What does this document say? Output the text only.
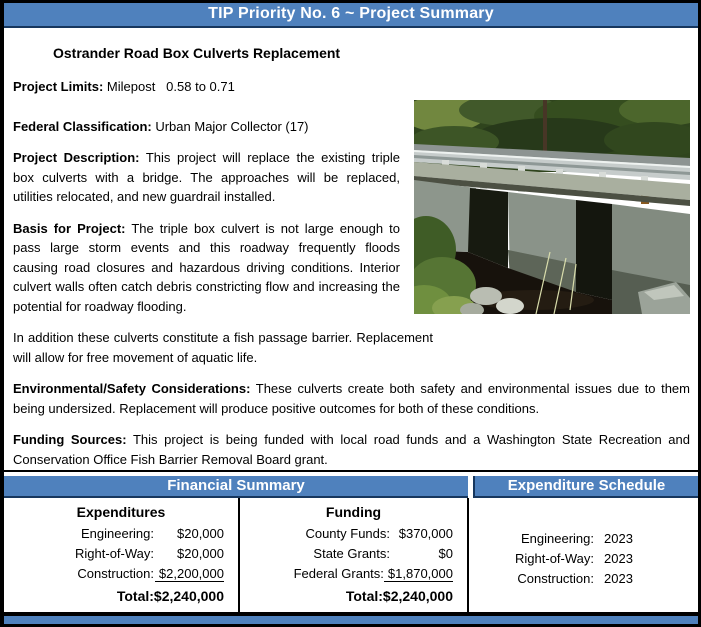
TIP Priority No. 6 ~ Project Summary
Ostrander Road Box Culverts Replacement
Project Limits: Milepost   0.58 to 0.71
Federal Classification: Urban Major Collector (17)

Project Description: This project will replace the existing triple box culverts with a bridge. The approaches will be replaced, utilities relocated, and new guardrail installed.

Basis for Project: The triple box culvert is not large enough to pass large storm events and this roadway frequently floods causing road closures and hazardous driving conditions. Interior culvert walls often catch debris constricting flow and increasing the potential for roadway flooding.

In addition these culverts constitute a fish passage barrier. Replacement will allow for free movement of aquatic life.

Environmental/Safety Considerations: These culverts create both safety and environmental issues due to them being undersized. Replacement will produce positive outcomes for both of these conditions.

Funding Sources: This project is being funded with local road funds and a Washington State Recreation and Conservation Office Fish Barrier Removal Board grant.

Financial Summary	Expenditure Schedule
Expenditures
Engineering:	$20,000
Right-of-Way:	$20,000
Construction: $2,200,000
Total: $2,240,000
Funding
County Funds: $370,000
State Grants:	$0
Federal Grants: $1,870,000
Total: $2,240,000
Engineering: 2023
Right-of-Way: 2023
Construction: 2023
